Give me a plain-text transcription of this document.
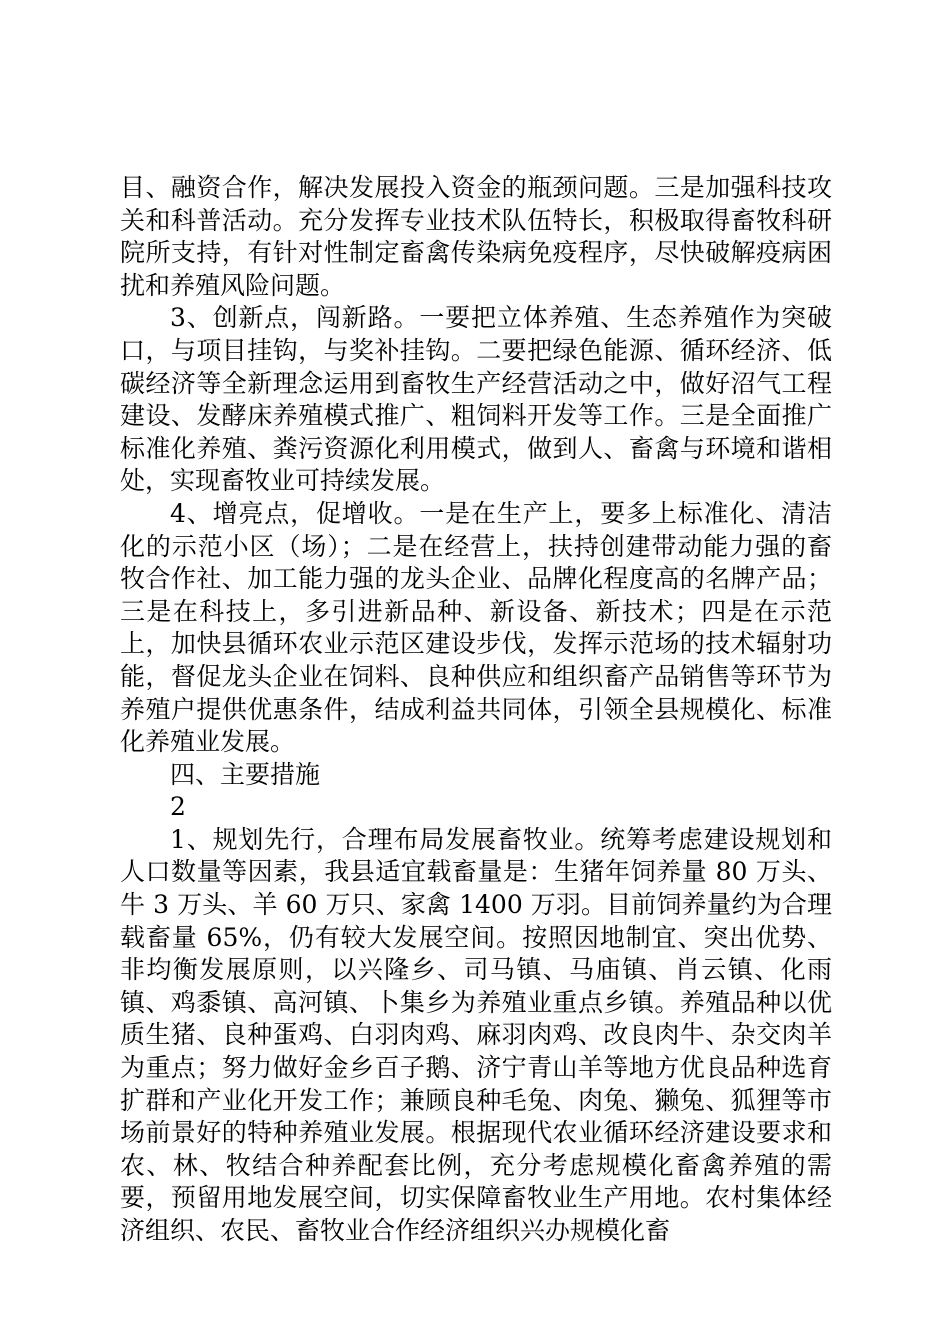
目、融资合作，解决发展投入资金的瓶颈问题。三是加强科技攻关和科普活动。充分发挥专业技术队伍特长，积极取得畜牧科研院所支持，有针对性制定畜禽传染病免疫程序，尽快破解疫病困扰和养殖风险问题。

3、创新点，闯新路。一要把立体养殖、生态养殖作为突破口，与项目挂钩，与奖补挂钩。二要把绿色能源、循环经济、低碳经济等全新理念运用到畜牧生产经营活动之中，做好沼气工程建设、发酵床养殖模式推广、粗饲料开发等工作。三是全面推广标准化养殖、粪污资源化利用模式，做到人、畜禽与环境和谐相处，实现畜牧业可持续发展。

4、增亮点，促增收。一是在生产上，要多上标准化、清洁化的示范小区（场）；二是在经营上，扶持创建带动能力强的畜牧合作社、加工能力强的龙头企业、品牌化程度高的名牌产品；三是在科技上，多引进新品种、新设备、新技术；四是在示范上，加快县循环农业示范区建设步伐，发挥示范场的技术辐射功能，督促龙头企业在饲料、良种供应和组织畜产品销售等环节为养殖户提供优惠条件，结成利益共同体，引领全县规模化、标准化养殖业发展。

四、主要措施

2

1、规划先行，合理布局发展畜牧业。统筹考虑建设规划和人口数量等因素，我县适宜载畜量是：生猪年饲养量 80 万头、牛 3 万头、羊 60 万只、家禽 1400 万羽。目前饲养量约为合理载畜量 65%，仍有较大发展空间。按照因地制宜、突出优势、非均衡发展原则，以兴隆乡、司马镇、马庙镇、肖云镇、化雨镇、鸡黍镇、高河镇、卜集乡为养殖业重点乡镇。养殖品种以优质生猪、良种蛋鸡、白羽肉鸡、麻羽肉鸡、改良肉牛、杂交肉羊为重点；努力做好金乡百子鹅、济宁青山羊等地方优良品种选育扩群和产业化开发工作；兼顾良种毛兔、肉兔、獭兔、狐狸等市场前景好的特种养殖业发展。根据现代农业循环经济建设要求和农、林、牧结合种养配套比例，充分考虑规模化畜禽养殖的需要，预留用地发展空间，切实保障畜牧业生产用地。农村集体经济组织、农民、畜牧业合作经济组织兴办规模化畜
